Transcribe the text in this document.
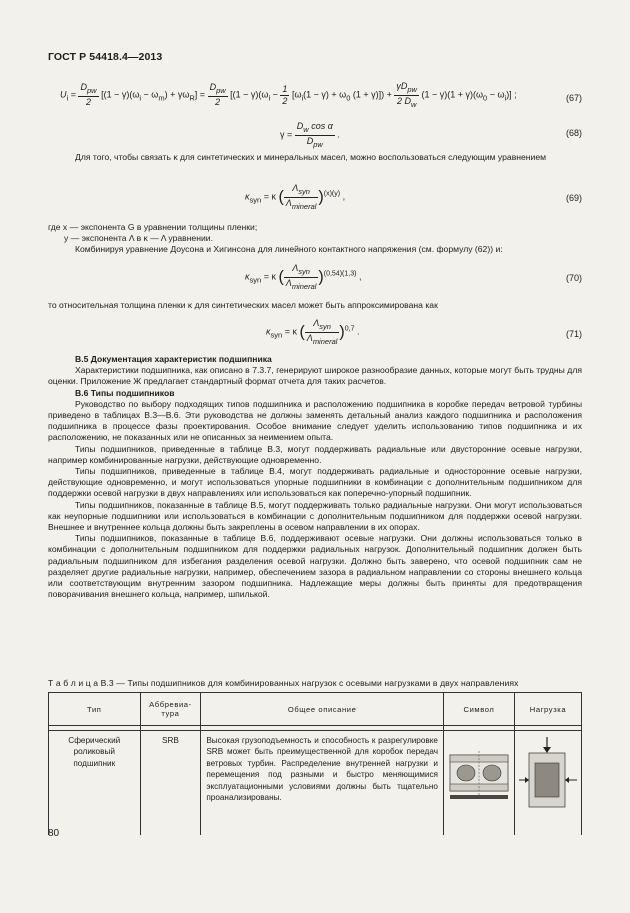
ГОСТ Р 54418.4—2013
$U_i = \frac{D_{pw}}{2} [(1 - \gamma)(\omega_i - \omega_m) + \gamma\omega_R] = \frac{D_{pw}}{2} [(1 - \gamma)(\omega_i - \frac{1}{2} [\omega_i(1 - \gamma) + \omega_0$ $(1 + \gamma)]) + \frac{\gamma D_{pw}}{2 D_w} (1 - \gamma)(1 + \gamma)(\omega_0 - \omega_i)$] ;	(67)
$\gamma = \frac{D_w \cos \alpha}{D_{pw}}$ .	(68)

Для того, чтобы связать κ для синтетических и минеральных масел, можно воспользоваться следующим уравнением

$\kappa_{syn} = \kappa$ ( $\frac{\Lambda_{syn}}{\Lambda_{mineral}} )^{(x)(y)}$ ,	(69)

где x — экспонента G в уравнении толщины пленки;

y — экспонента Λ в κ — Λ уравнении.

Комбинируя уравнение Доусона и Хигинсона для линейного контактного напряжения (см. формулу (62)) и:

$\kappa_{syn} = \kappa$ ( $\frac{\Lambda_{syn}}{\Lambda_{mineral}} )^{(0,54)(1,3)}$ ,	(70)

то относительная толщина пленки κ для синтетических масел может быть аппроксимирована как

$\kappa_{syn} = \kappa$ ( $\frac{\Lambda_{syn}}{\Lambda_{mineral}} )^{0,7}$ .	(71)

В.5 Документация характеристик подшипника

Характеристики подшипника, как описано в 7.3.7, генерируют широкое разнообразие данных, которые могут быть трудны для оценки. Приложение Ж предлагает стандартный формат отчета для таких расчетов.

В.6 Типы подшипников

Руководство по выбору подходящих типов подшипника и расположению подшипника в коробке передач ветровой турбины приведено в таблицах В.3—В.6. Эти руководства не должны заменять детальный анализ каждого подшипника и расположения подшипника в процессе фазы проектирования. Особое внимание следует уделить использованию типов подшипника и их расположению, не показанных или не описанных за неимением опыта.

Типы подшипников, приведенные в таблице В.3, могут поддерживать радиальные или двусторонние осевые нагрузки, например комбинированные нагрузки, действующие одновременно.

Типы подшипников, приведенные в таблице В.4, могут поддерживать радиальные и односторонние осевые нагрузки, действующие одновременно, и могут использоваться упорные подшипники в комбинации с дополнительным подшипником для поддержки осевой нагрузки в двух направлениях или использоваться как поперечно-упорный подшипник.

Типы подшипников, показанные в таблице В.5, могут поддерживать только радиальные нагрузки. Они могут использоваться как неупорные подшипники или использоваться в комбинации с дополнительным подшипником для поддержки осевой нагрузки. Внешнее и внутреннее кольца должны быть закреплены в осевом направлении в их опорах.

Типы подшипников, показанные в таблице В.6, поддерживают осевые нагрузки. Они должны использоваться только в комбинации с дополнительным подшипником для поддержки радиальных нагрузок. Дополнительный подшипник должен быть радиальным подшипником для избегания разделения осевой нагрузки. Должно быть заверено, что осевой подшипник сам не разделяет другие радиальные нагрузки, например, обеспечением зазора в радиальном направлении со стороны внешнего кольца или соответствующим внутренним зазором подшипника. Надлежащие меры должны быть приняты для предотвращения поворачивания внешнего кольца, например, шпилькой.

Т а б л и ц а В.3 — Типы подшипников для комбинированных нагрузок с осевыми нагрузками в двух направлениях
Тип	Аббревиа-тура	Общее описание	Символ	Нагрузка

Сферический роликовый подшипник	SRB	Высокая грузоподъемность и способность к разрегулировке SRB может быть преимущественной для коробок передач ветровых турбин. Распределение внутренней нагрузки и перемещения под разными и быстро меняющимися эксплуатационными условиями должны быть тщательно проанализированы.	

80
